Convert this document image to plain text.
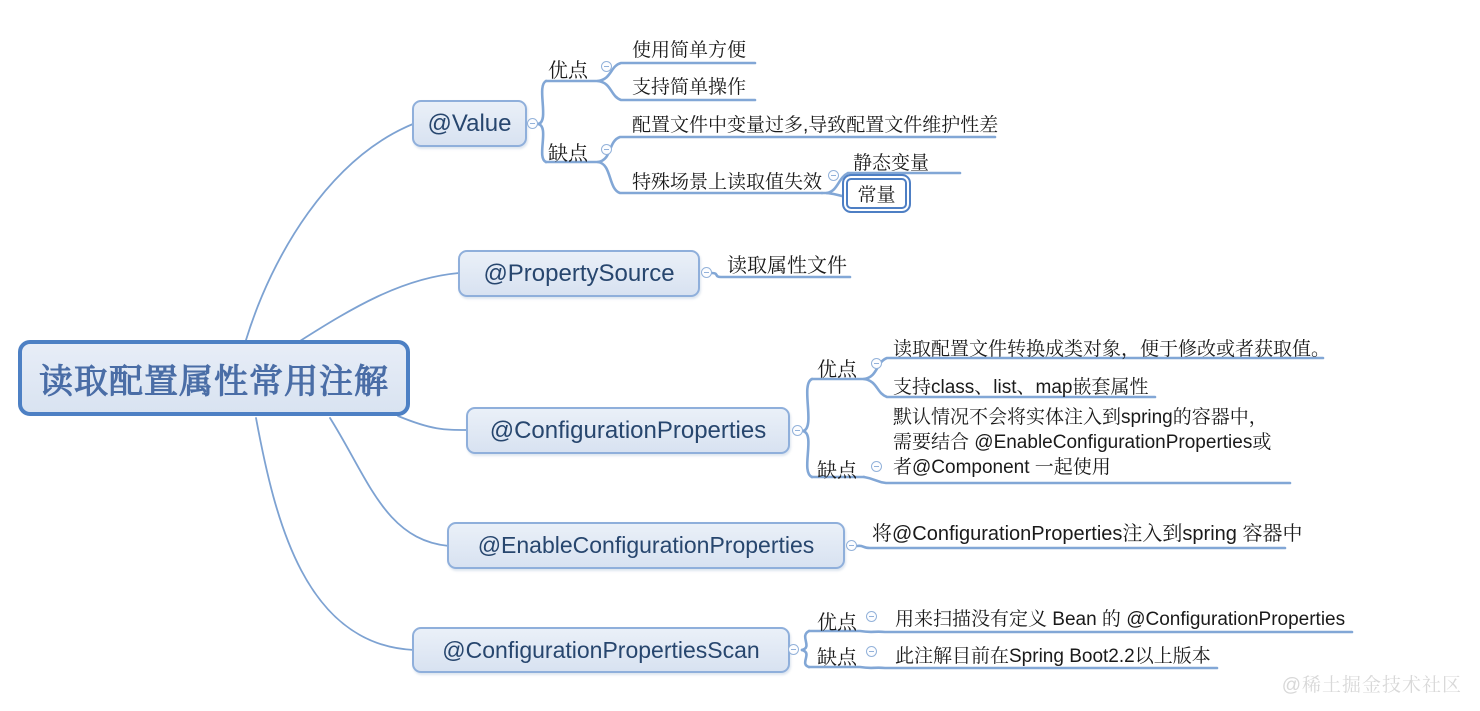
读取配置属性常用注解
@Value
@PropertySource
@ConfigurationProperties
@EnableConfigurationProperties
@ConfigurationPropertiesScan
优点
使用简单方便
支持简单操作
缺点
配置文件中变量过多,导致配置文件维护性差
特殊场景上读取值失效
静态变量
常量
读取属性文件
优点
读取配置文件转换成类对象，便于修改或者获取值。
支持class、list、map嵌套属性
缺点
默认情况不会将实体注入到spring的容器中，需要结合 @EnableConfigurationProperties或者@Component 一起使用
将@ConfigurationProperties注入到spring 容器中
优点 用来扫描没有定义 Bean 的 @ConfigurationProperties
缺点 此注解目前在Spring Boot2.2以上版本
@稀土掘金技术社区
